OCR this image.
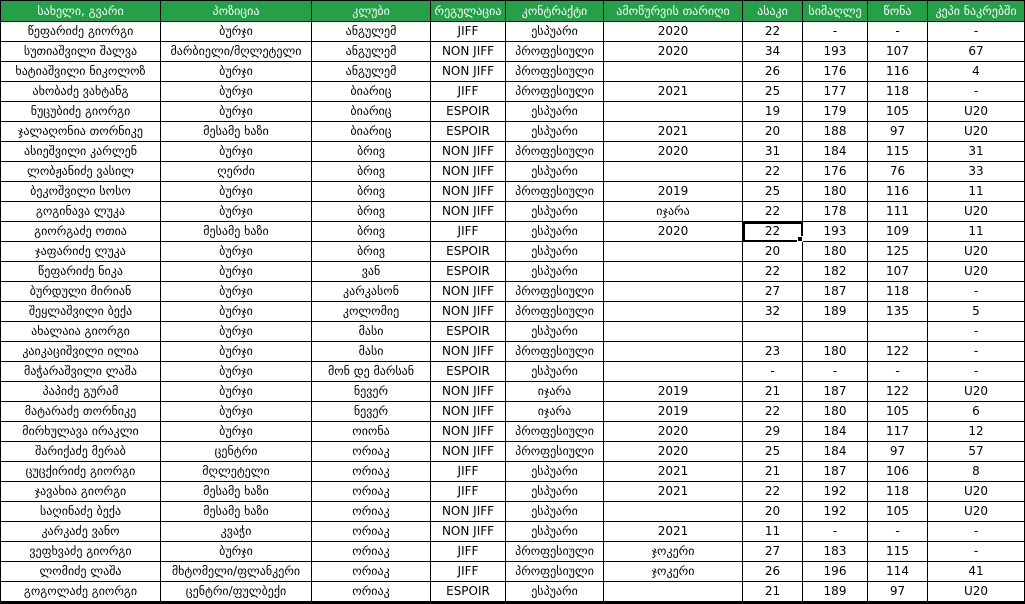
სახელი, გვარი	პოზიცია	კლუბი	რეგულაცია	კონტრაქტი	ამოწურვის თარიღი	ასაკი	სიმაღლე	წონა	კეპი ნაკრებში
წეფარიძე გიორგი	ბურჯი	ანგულემ	JIFF	ესპუარი	2020	22	-	-	-
სუთიაშვილი შალვა	მარბიელი/მღლეტელი	ანგულემ	NON JIFF	პროფესიული	2020	34	193	107	67
ხატიაშვილი ნიკოლოზ	ბურჯი	ანგულემ	NON JIFF	პროფესიული		26	176	116	4
ახობაძე ვახტანგ	ბურჯი	ბიარიც	JIFF	პროფესიული	2021	25	177	118	-
ნუცუბიძე გიორგი	ბურჯი	ბიარიც	ESPOIR	ესპუარი		19	179	105	U20
ჯალაღონია თორნიკე	მესამე ხაზი	ბიარიც	ESPOIR	ესპუარი	2021	20	188	97	U20
ასიეშვილი კარლენ	ბურჯი	ბრივ	NON JIFF	პროფესიული	2020	31	184	115	31
ლობჟანიძე ვასილ	ღერძი	ბრივ	NON JIFF	ესპუარი		22	176	76	33
ბეკოშვილი სოსო	ბურჯი	ბრივ	NON JIFF	პროფესიული	2019	25	180	116	11
გოგინავა ლუკა	ბურჯი	ბრივ	NON JIFF	ესპუარი	იჯარა	22	178	111	U20
გიორგაძე ოთია	მესამე ხაზი	ბრივ	JIFF	ესპუარი	2020	22	193	109	11
ჯაფარიძე ლუკა	ბურჯი	ბრივ	ESPOIR	ესპუარი		20	180	125	U20
წეფარიძე ნიკა	ბურჯი	ვან	ESPOIR	ესპუარი		22	182	107	U20
ბურდული მირიან	ბურჯი	კარკასონ	NON JIFF	პროფესიული		27	187	118	-
შეყლაშვილი ბექა	ბურჯი	კოლომიე	NON JIFF	პროფესიული		32	189	135	5
ახალაია გიორგი	ბურჯი	მასი	ESPOIR	ესპუარი					-
კაიკაციშვილი ილია	ბურჯი	მასი	NON JIFF	პროფესიული		23	180	122	-
მაჭარაშვილი ლაშა	ბურჯი	მონ დე მარსან	ESPOIR	ესპუარი		-	-	-	-
პაპიძე გურამ	ბურჯი	ნევერ	NON JIFF	იჯარა	2019	21	187	122	U20
მატარაძე თორნიკე	ბურჯი	ნევერ	NON JIFF	იჯარა	2019	22	180	105	6
მირხულავა ირაკლი	ბურჯი	ოიონა	NON JIFF	პროფესიული	2020	29	184	117	12
შარიქაძე მერაბ	ცენტრი	ორიაკ	NON JIFF	პროფესიული	2020	25	184	97	57
ცუცქირიძე გიორგი	მღლეტელი	ორიაკ	JIFF	ესპუარი	2021	21	187	106	8
ჯავახია გიორგი	მესამე ხაზი	ორიაკ	JIFF	ესპუარი	2021	22	192	118	U20
საღინაძე ბექა	მესამე ხაზი	ორიაკ	NON JIFF	ესპუარი		20	192	105	U20
კარკაძე ვანო	კვაჭი	ორიაკ	NON JIFF	ესპუარი	2021	11	-	-	-
ვეფხვაძე გიორგი	ბურჯი	ორიაკ	JIFF	პროფესიული	ჯოკერი	27	183	115	-
ლომიძე ლაშა	მხტომელი/ფლანკერი	ორიაკ	JIFF	პროფესიული	ჯოკერი	26	196	114	41
გოგოლაძე გიორგი	ცენტრი/ფულბექი	ორიაკ	ESPOIR	ესპუარი		21	189	97	U20
